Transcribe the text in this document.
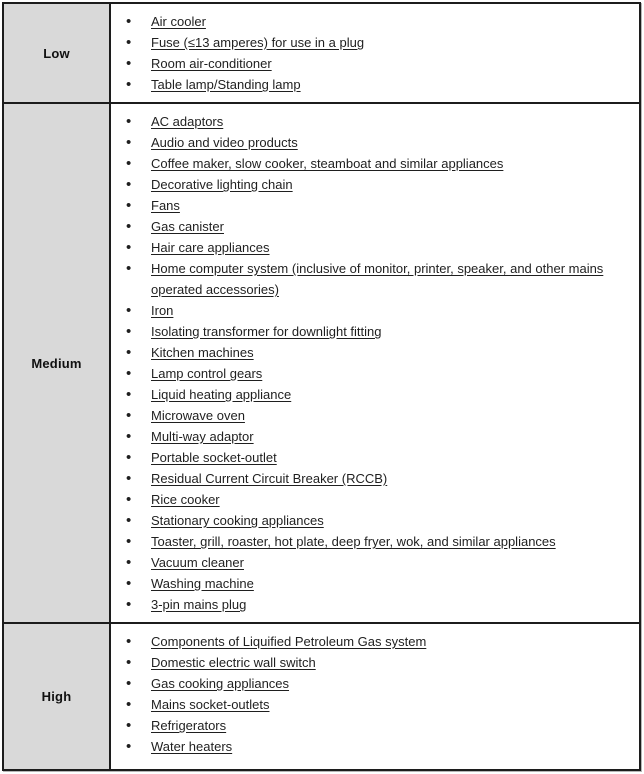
Low
• Air cooler
• Fuse (≤13 amperes) for use in a plug
• Room air-conditioner
• Table lamp/Standing lamp
Medium
• AC adaptors
• Audio and video products
• Coffee maker, slow cooker, steamboat and similar appliances
• Decorative lighting chain
• Fans
• Gas canister
• Hair care appliances
• Home computer system (inclusive of monitor, printer, speaker, and other mains operated accessories)
• Iron
• Isolating transformer for downlight fitting
• Kitchen machines
• Lamp control gears
• Liquid heating appliance
• Microwave oven
• Multi-way adaptor
• Portable socket-outlet
• Residual Current Circuit Breaker (RCCB)
• Rice cooker
• Stationary cooking appliances
• Toaster, grill, roaster, hot plate, deep fryer, wok, and similar appliances
• Vacuum cleaner
• Washing machine
• 3-pin mains plug
High
• Components of Liquified Petroleum Gas system
• Domestic electric wall switch
• Gas cooking appliances
• Mains socket-outlets
• Refrigerators
• Water heaters
